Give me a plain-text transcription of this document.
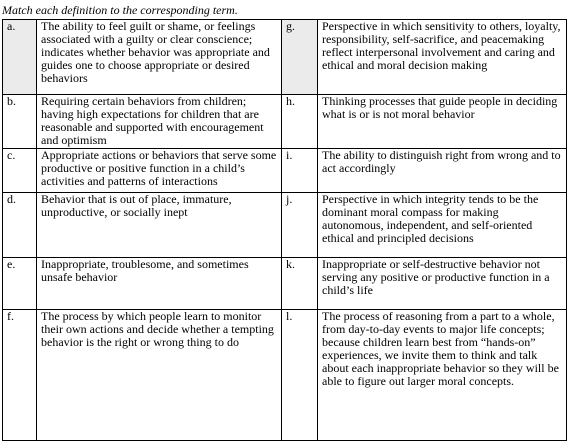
Match each definition to the corresponding term.
a.	The ability to feel guilt or shame, or feelings associated with a guilty or clear conscience; indicates whether behavior was appropriate and guides one to choose appropriate or desired behaviors	g.	Perspective in which sensitivity to others, loyalty, responsibility, self-sacrifice, and peacemaking reflect interpersonal involvement and caring and ethical and moral decision making
b.	Requiring certain behaviors from children; having high expectations for children that are reasonable and supported with encouragement and optimism	h.	Thinking processes that guide people in deciding what is or is not moral behavior
c.	Appropriate actions or behaviors that serve some productive or positive function in a child’s activities and patterns of interactions	i.	The ability to distinguish right from wrong and to act accordingly
d.	Behavior that is out of place, immature, unproductive, or socially inept	j.	Perspective in which integrity tends to be the dominant moral compass for making autonomous, independent, and self-oriented ethical and principled decisions
e.	Inappropriate, troublesome, and sometimes unsafe behavior	k.	Inappropriate or self-destructive behavior not serving any positive or productive function in a child’s life
f.	The process by which people learn to monitor their own actions and decide whether a tempting behavior is the right or wrong thing to do	l.	The process of reasoning from a part to a whole, from day-to-day events to major life concepts; because children learn best from “hands-on” experiences, we invite them to think and talk about each inappropriate behavior so they will be able to figure out larger moral concepts.
